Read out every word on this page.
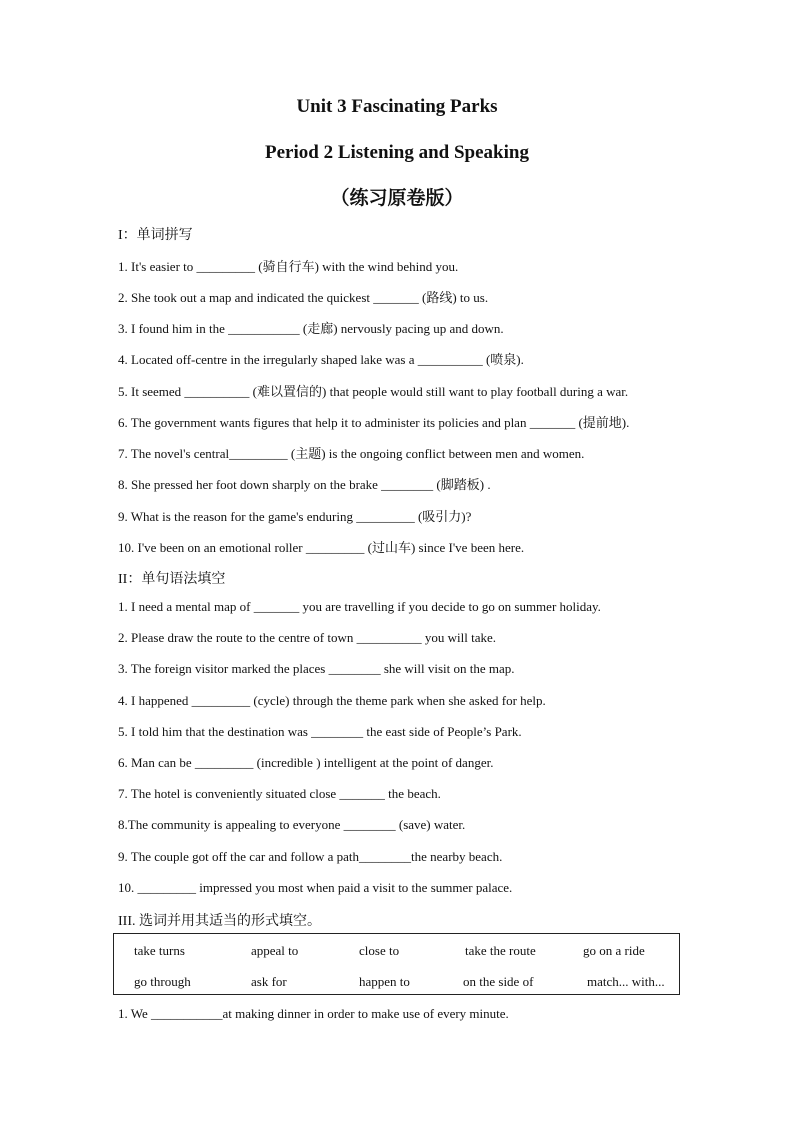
Unit 3 Fascinating Parks
Period 2 Listening and Speaking
（练习原卷版）
I：单词拼写
1. It's easier to _________ (骑自行车) with the wind behind you.
2. She took out a map and indicated the quickest _______ (路线) to us.
3. I found him in the ___________ (走廊) nervously pacing up and down.
4. Located off-centre in the irregularly shaped lake was a __________ (喷泉).
5. It seemed __________ (难以置信的) that people would still want to play football during a war.
6. The government wants figures that help it to administer its policies and plan _______ (提前地).
7. The novel's central_________ (主题) is the ongoing conflict between men and women.
8. She pressed her foot down sharply on the brake ________ (脚踏板) .
9. What is the reason for the game's enduring _________ (吸引力)?
10. I've been on an emotional roller _________ (过山车) since I've been here.
II：单句语法填空
1. I need a mental map of _______ you are travelling if you decide to go on summer holiday.
2. Please draw the route to the centre of town __________ you will take.
3. The foreign visitor marked the places ________ she will visit on the map.
4. I happened _________ (cycle) through the theme park when she asked for help.
5. I told him that the destination was ________ the east side of People’s Park.
6. Man can be _________ (incredible ) intelligent at the point of danger.
7. The hotel is conveniently situated close _______ the beach.
8.The community is appealing to everyone ________ (save) water.
9. The couple got off the car and follow a path________the nearby beach.
10. _________ impressed you most when paid a visit to the summer palace.
III. 选词并用其适当的形式填空。
take turns	appeal to	close to	take the route	go on a ride
go through	ask for	happen to	on the side of	match... with...
1. We ___________at making dinner in order to make use of every minute.
